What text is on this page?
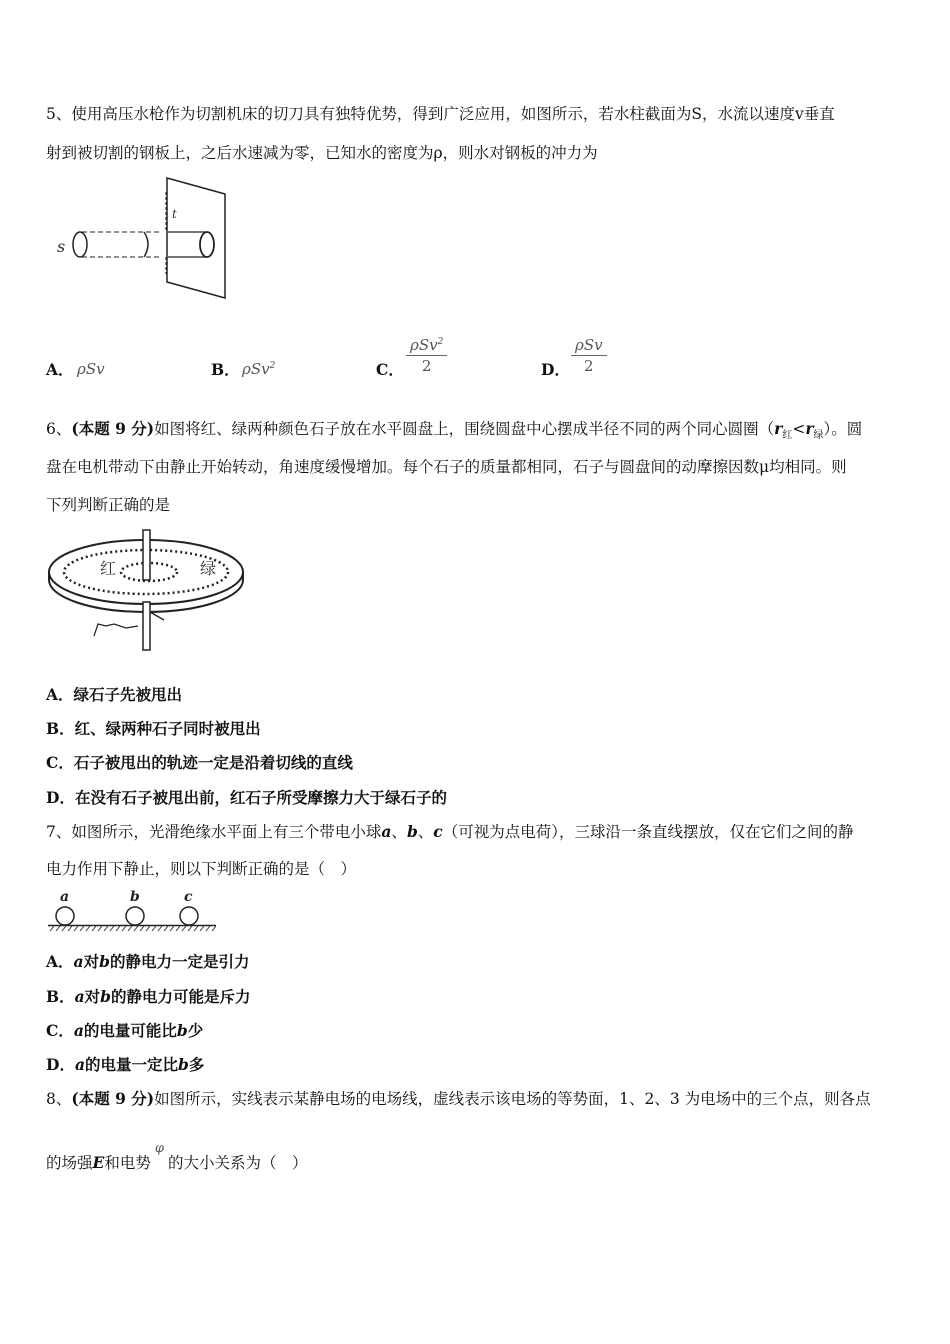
5、使用高压水枪作为切割机床的切刀具有独特优势，得到广泛应用，如图所示，若水柱截面为S，水流以速度v垂直
射到被切割的钢板上，之后水速减为零，已知水的密度为ρ，则水对钢板的冲力为
s
t
A． ρSv	B． ρSv$^2$	C．
ρSv$^2$
2	D．
ρSv
2
6、(本题 9 分)如图将红、绿两种颜色石子放在水平圆盘上，围绕圆盘中心摆成半径不同的两个同心圆圈$(r_红<r_绿)$。圆
盘在电机带动下由静止开始转动，角速度缓慢增加。每个石子的质量都相同，石子与圆盘间的动摩擦因数μ均相同。则
下列判断正确的是
红	绿
A．绿石子先被甩出
B．红、绿两种石子同时被甩出
C．石子被甩出的轨迹一定是沿着切线的直线
D．在没有石子被甩出前，红石子所受摩擦力大于绿石子的
7、如图所示，光滑绝缘水平面上有三个带电小球a、b、c（可视为点电荷），三球沿一条直线摆放，仅在它们之间的静
电力作用下静止，则以下判断正确的是（　）
a	b	c
A．a对b的静电力一定是引力
B．a对b的静电力可能是斥力
C．a的电量可能比b少
D．a的电量一定比b多
8、(本题 9 分)如图所示，实线表示某静电场的电场线，虚线表示该电场的等势面，1、2、3 为电场中的三个点，则各点
的场强E和电势$^\varphi$的大小关系为（　）
